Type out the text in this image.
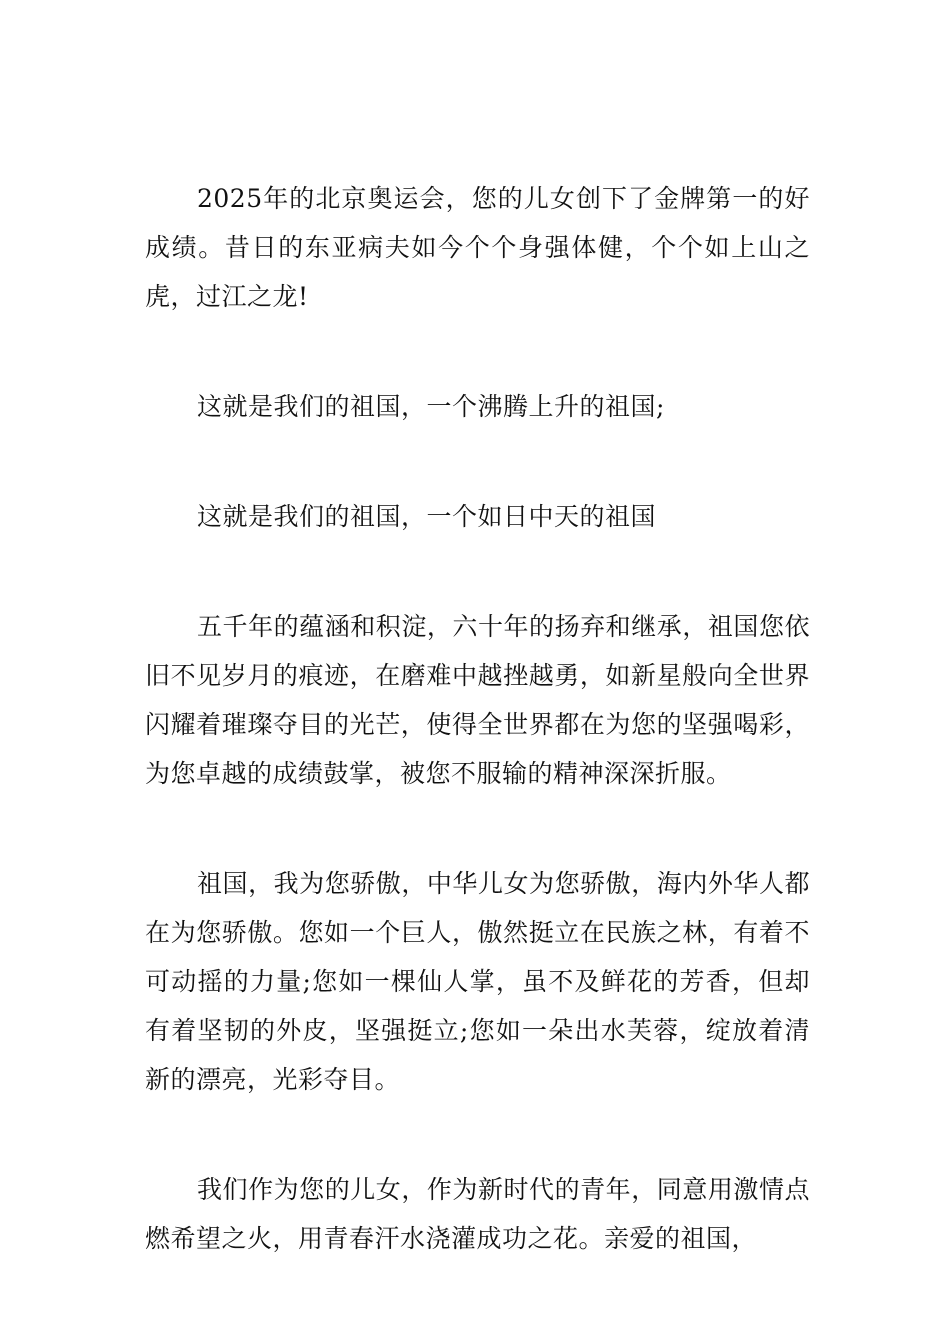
2025年的北京奥运会，您的儿女创下了金牌第一的好成绩。昔日的东亚病夫如今个个身强体健，个个如上山之虎，过江之龙!

这就是我们的祖国，一个沸腾上升的祖国;

这就是我们的祖国，一个如日中天的祖国

五千年的蕴涵和积淀，六十年的扬弃和继承，祖国您依旧不见岁月的痕迹，在磨难中越挫越勇，如新星般向全世界闪耀着璀璨夺目的光芒，使得全世界都在为您的坚强喝彩，为您卓越的成绩鼓掌，被您不服输的精神深深折服。

祖国，我为您骄傲，中华儿女为您骄傲，海内外华人都在为您骄傲。您如一个巨人，傲然挺立在民族之林，有着不可动摇的力量;您如一棵仙人掌，虽不及鲜花的芳香，但却有着坚韧的外皮，坚强挺立;您如一朵出水芙蓉，绽放着清新的漂亮，光彩夺目。

我们作为您的儿女，作为新时代的青年，同意用激情点燃希望之火，用青春汗水浇灌成功之花。亲爱的祖国，
